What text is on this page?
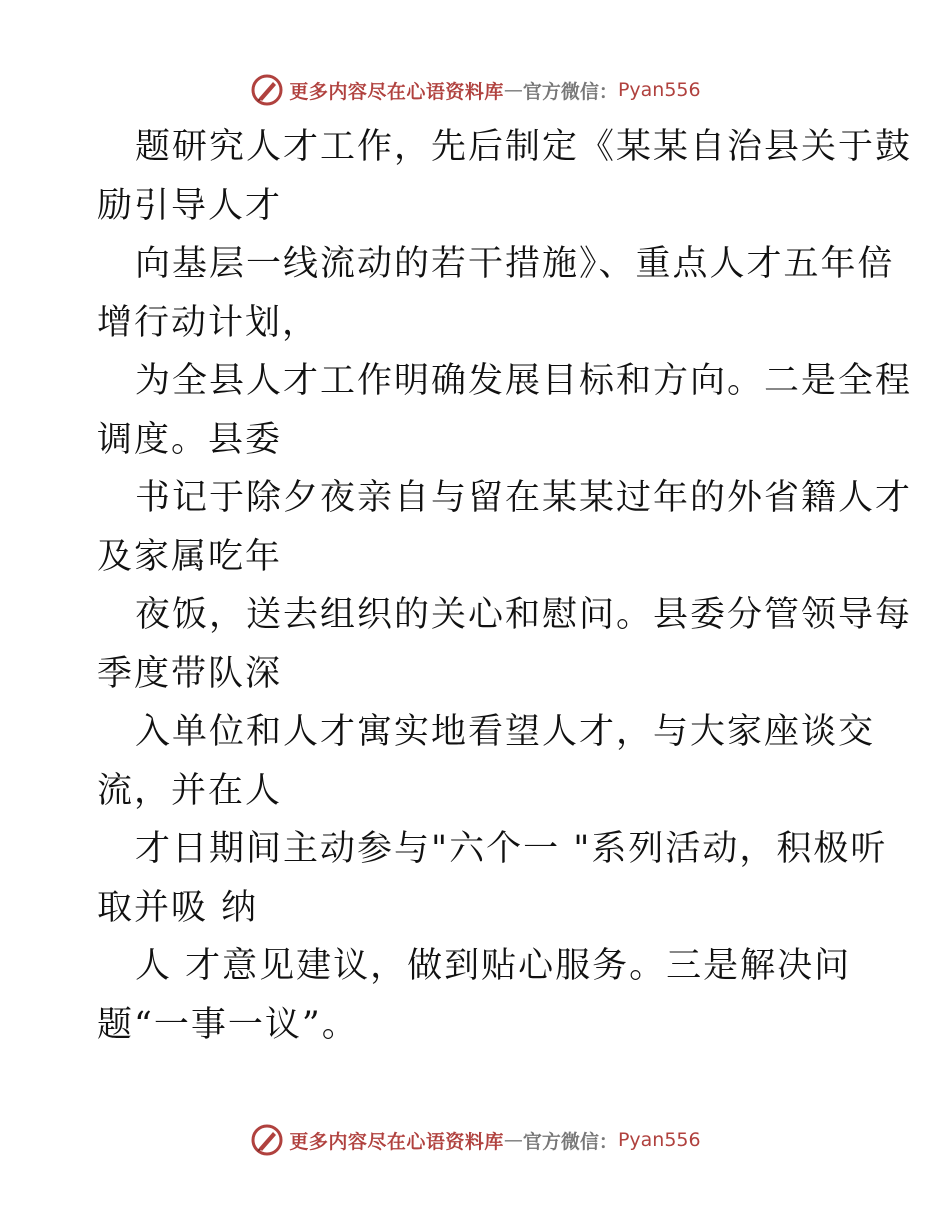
更多内容尽在心语资料库 — 官方微信： Pyan556
题研究人才工作，先后制定《某某自治县关于鼓
励引导人才
向基层一线流动的若干措施》、重点人才五年倍
增行动计划，
为全县人才工作明确发展目标和方向。二是全程
调度。县委
书记于除夕夜亲自与留在某某过年的外省籍人才
及家属吃年
夜饭，送去组织的关心和慰问。县委分管领导每
季度带队深
入单位和人才寓实地看望人才，与大家座谈交
流，并在人
才日期间主动参与"六个一 "系列活动，积极听
取并吸 纳
人 才意见建议，做到贴心服务。三是解决问
题“一事一议”。
更多内容尽在心语资料库 — 官方微信： Pyan556
